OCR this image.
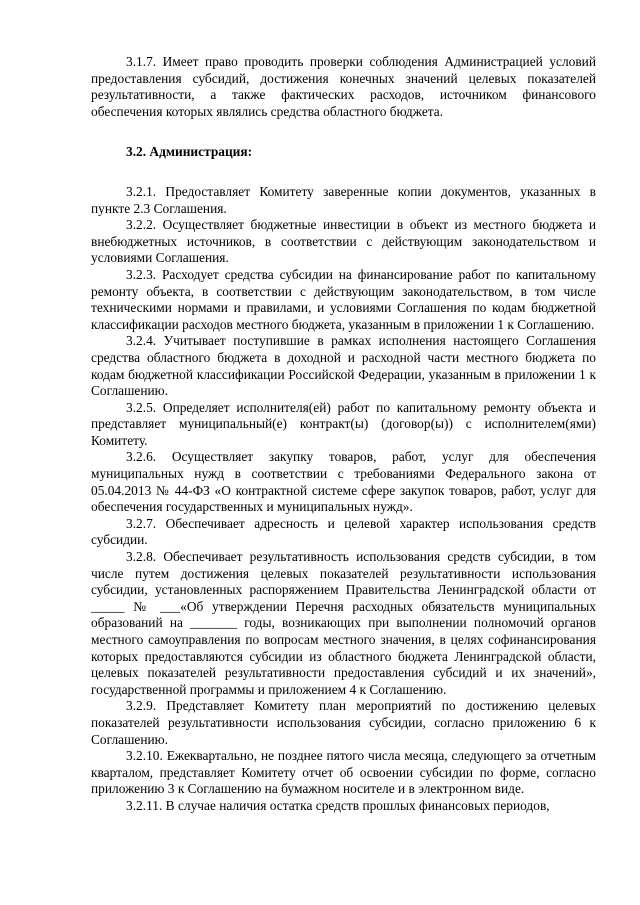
3.1.7. Имеет право проводить проверки соблюдения Администрацией условий предоставления субсидий, достижения конечных значений целевых показателей результативности, а также фактических расходов, источником финансового обеспечения которых являлись средства областного бюджета.

3.2. Администрация:

3.2.1. Предоставляет Комитету заверенные копии документов, указанных в пункте 2.3 Соглашения.

3.2.2. Осуществляет бюджетные инвестиции в объект из местного бюджета и внебюджетных источников, в соответствии с действующим законодательством и условиями Соглашения.

3.2.3. Расходует средства субсидии на финансирование работ по капитальному ремонту объекта, в соответствии с действующим законодательством, в том числе техническими нормами и правилами, и условиями Соглашения по кодам бюджетной классификации расходов местного бюджета, указанным в приложении 1 к Соглашению.

3.2.4. Учитывает поступившие в рамках исполнения настоящего Соглашения средства областного бюджета в доходной и расходной части местного бюджета по кодам бюджетной классификации Российской Федерации, указанным в приложении 1 к Соглашению.

3.2.5. Определяет исполнителя(ей) работ по капитальному ремонту объекта и представляет муниципальный(е) контракт(ы) (договор(ы)) с исполнителем(ями) Комитету.

3.2.6. Осуществляет закупку товаров, работ, услуг для обеспечения муниципальных нужд в соответствии с требованиями Федерального закона от 05.04.2013 № 44-ФЗ «О контрактной системе сфере закупок товаров, работ, услуг для обеспечения государственных и муниципальных нужд».

3.2.7. Обеспечивает адресность и целевой характер использования средств субсидии.

3.2.8. Обеспечивает результативность использования средств субсидии, в том числе путем достижения целевых показателей результативности использования субсидии, установленных распоряжением Правительства Ленинградской области от _____ № ___«Об утверждении Перечня расходных обязательств муниципальных образований на _______ годы, возникающих при выполнении полномочий органов местного самоуправления по вопросам местного значения, в целях софинансирования которых предоставляются субсидии из областного бюджета Ленинградской области, целевых показателей результативности предоставления субсидий и их значений», государственной программы и приложением 4 к Соглашению.

3.2.9. Представляет Комитету план мероприятий по достижению целевых показателей результативности использования субсидии, согласно приложению 6 к Соглашению.

3.2.10. Ежеквартально, не позднее пятого числа месяца, следующего за отчетным кварталом, представляет Комитету отчет об освоении субсидии по форме, согласно приложению 3 к Соглашению на бумажном носителе и в электронном виде.

3.2.11. В случае наличия остатка средств прошлых финансовых периодов,
